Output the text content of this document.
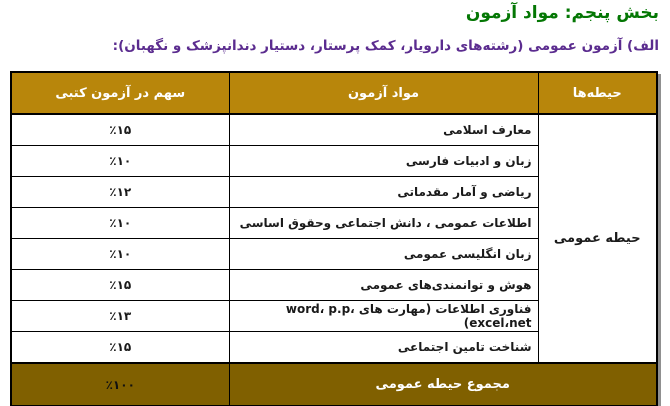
بخش پنجم: مواد آزمون
الف) آزمون عمومی (رشته‌های دارویار، کمک پرستار، دستیار دندانپزشک و نگهبان):
حیطه‌ها	مواد آزمون	سهم در آزمون کتبی
حیطه عمومی	معارف اسلامی	٪۱۵
	زبان و ادبیات فارسی	٪۱۰
	ریاضی و آمار مقدماتی	٪۱۲
	اطلاعات عمومی ، دانش اجتماعی وحقوق اساسی	٪۱۰
	زبان انگلیسی عمومی	٪۱۰
	هوش و توانمندی‌های عمومی	٪۱۵
	فناوری اطلاعات (مهارت های word، p.p، excel،net)	٪۱۳
	شناخت تامین اجتماعی	٪۱۵
مجموع حیطه عمومی		٪۱۰۰
